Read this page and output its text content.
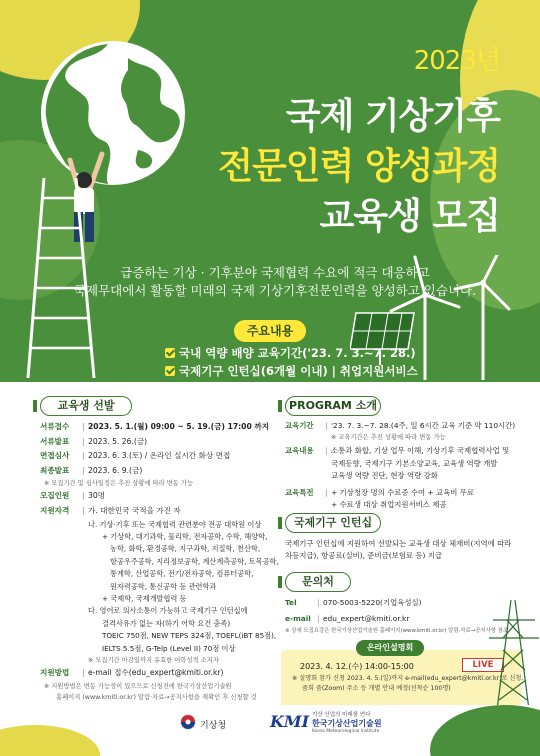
2023년
국제 기상기후
전문인력 양성과정
교육생 모집
급증하는 기상 · 기후분야 국제협력 수요에 적극 대응하고
국제무대에서 활동할 미래의 국제 기상기후전문인력을 양성하고 있습니다.
주요내용
국내 역량 배양 교육기간('23. 7. 3.~7. 28.)
국제기구 인턴십(6개월 이내) | 취업지원서비스
교육생 선발
서류접수 | 2023. 5. 1.(월) 09:00 ~ 5. 19.(금) 17:00 까지
서류발표 | 2023. 5. 26.(금)
면접심사 | 2023. 6. 3.(토) / 온라인 실시간 화상 면접
최종발표 | 2023. 6. 9.(금)
※ 모집기간 및 심사일정은 추진 상황에 따라 변동 가능
모집인원 | 30명
지원자격 | 가. 대한민국 국적을 가진 자
나. 기상·기후 또는 국제협력 관련분야 전공 대학원 이상
+ 기상학, 대기과학, 물리학, 전자공학, 수학, 해양학,
농학, 화학, 환경공학, 지구과학, 지질학, 천산학,
항공우주공학, 지리정보공학, 계산계측공학, 토목공학,
통계학, 산업공학, 전기/전자공학, 컴퓨터공학,
원자력공학, 통신공학 등 관련학과
+ 국제학, 국제개발협력 등
다. 영어로 의사소통이 가능하고 국제기구 인턴십에
결격사유가 없는 자(하기 어학 요건 충족)
TOEIC 750점, NEW TEPS 324점, TOEFL(iBT 85점),
IELTS 5.5점, G-Telp (Level II) 70점 이상
※ 모집기간 마감일까지 유효한 어학성적 소지자
지원방법 | e-mail 접수(edu_expert@kmiti.or.kr)
※ 지원방법은 변동 가능성이 있으므로 신청전에 한국기상산업기술원
홈페이지 (www.kmiti.or.kr) 알림·자료→공지사항을 재확인 후 신청할 것
PROGRAM 소개
교육기간 | '23. 7. 3.~7. 28.(4주, 일 6시간 교육 기준 약 110시간)
※ 교육기간은 추진 상황에 따라 변동 가능
교육내용 | 소통과 화합, 기상 업무 이해, 기상기후 국제협력사업 및
국제동향, 국제기구 기본소양교육, 교육생 역량 개발
교육생 역량 진단, 현장 역량 강화
교육특전 | + 기상청장 명의 수료증 수여 + 교육비 무료
+ 수료생 대상 취업지원서비스 제공
국제기구 인턴십
국제기구 인턴십에 지원하여 선발되는 교육생 대상 체재비(지역에 따라
차등지급), 항공료(실비), 준비금(보험료 등) 지급
문의처
Tel	| 070-5003-5220(기업육성실)
e-mail | edu_expert@kmiti.or.kr
※ 상세 모집요강은 한국기상산업기술원 홈페이지(www.kmiti.or.kr) 알림·자료→공지사항 참조
온라인설명회
2023. 4. 12.(수) 14:00-15:00	LIVE
※ 설명회 참가 신청 2023. 4. 5.(일)까지 e-mail(edu_expert@kmiti.or.kr)로 신청,
줌회 줌(Zoom) 주소 등 개별 안내 예정(선착순 100명)
기상청	KMI 기상 산업의 미래를 연다
한국기상산업기술원
Korea Meteorological Institute
